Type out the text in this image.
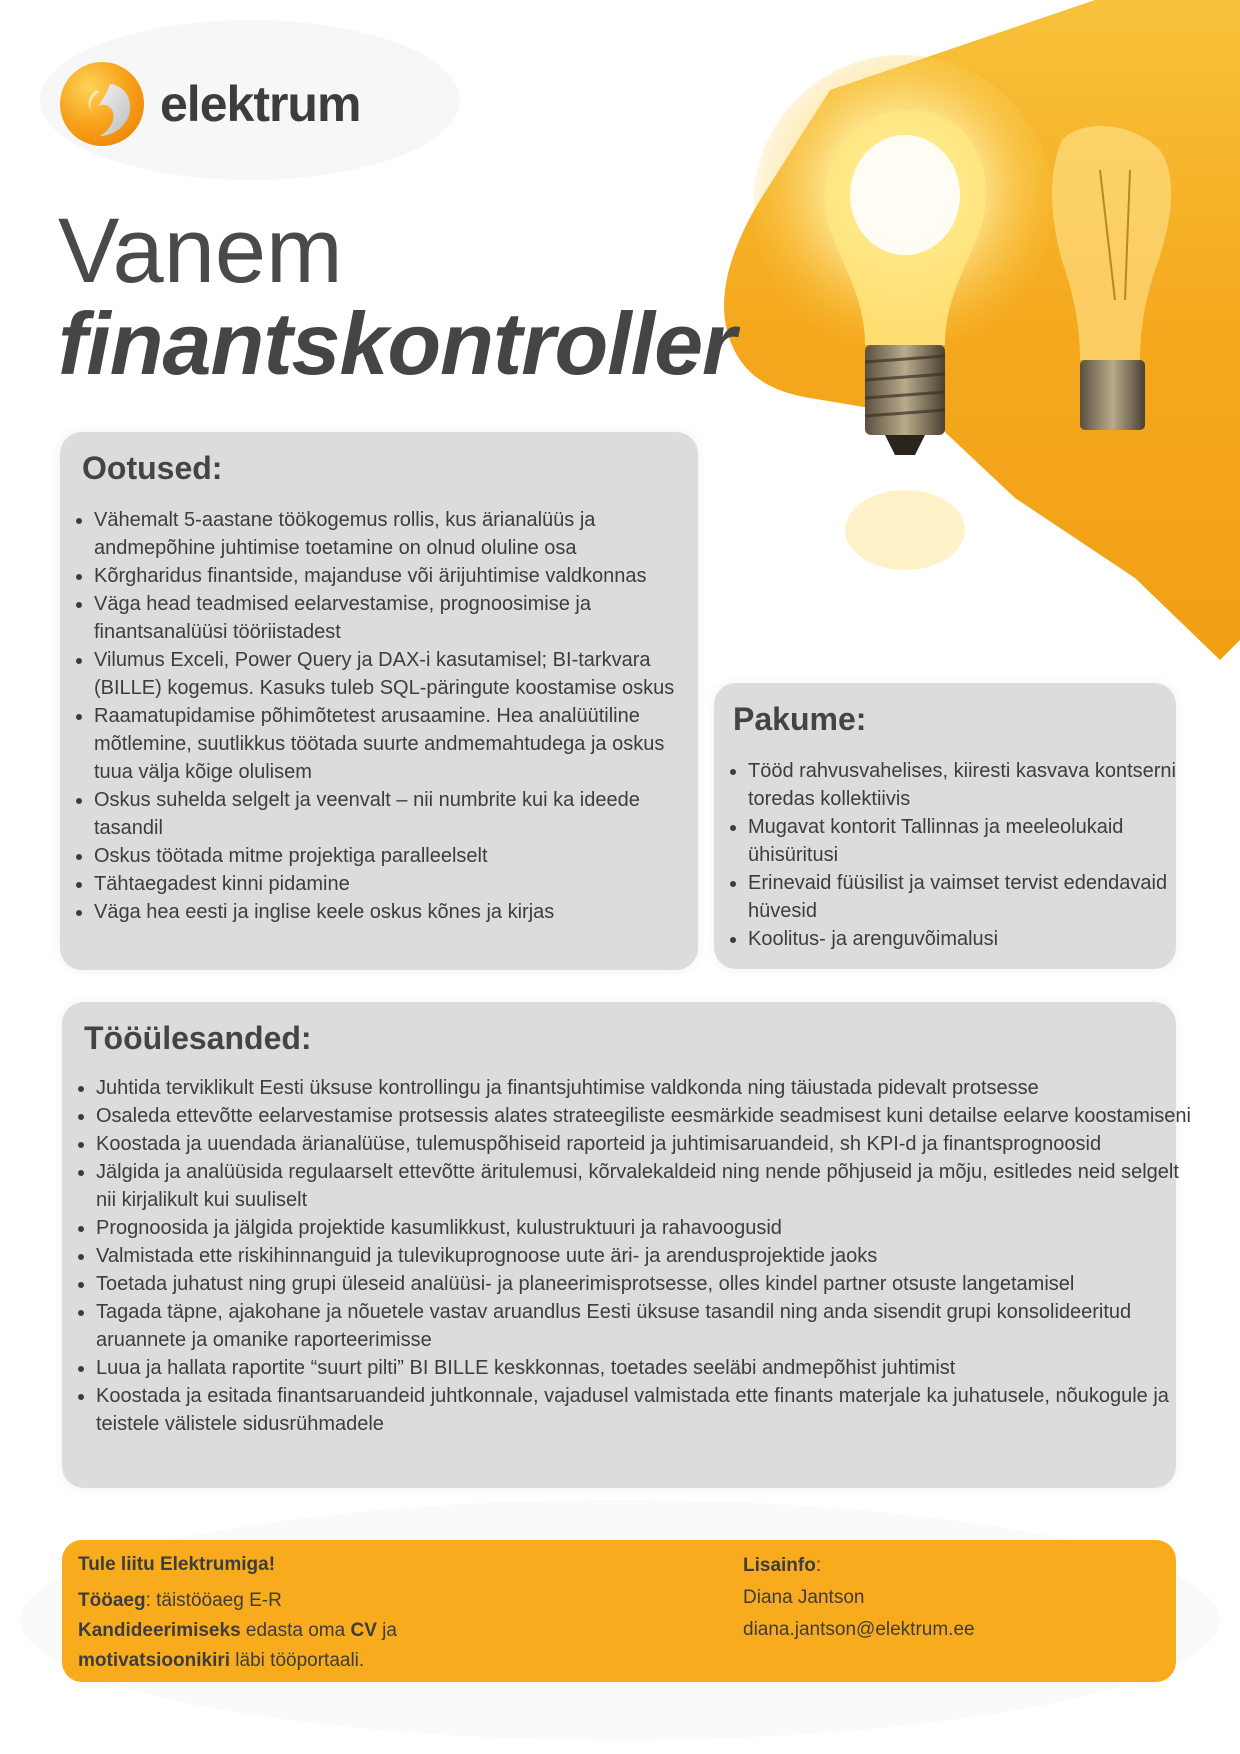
elektrum
Vanem
finantskontroller
Ootused:
• Vähemalt 5-aastane töökogemus rollis, kus ärianalüüs ja andmepõhine juhtimise toetamine on olnud oluline osa
• Kõrgharidus finantside, majanduse või ärijuhtimise valdkonnas
• Väga head teadmised eelarvestamise, prognoosimise ja finantsanalüüsi tööriistadest
• Vilumus Exceli, Power Query ja DAX-i kasutamisel; BI-tarkvara (BILLE) kogemus. Kasuks tuleb SQL-päringute koostamise oskus
• Raamatupidamise põhimõtetest arusaamine. Hea analüütiline mõtlemine, suutlikkus töötada suurte andmemahtudega ja oskus tuua välja kõige olulisem
• Oskus suhelda selgelt ja veenvalt – nii numbrite kui ka ideede tasandil
• Oskus töötada mitme projektiga paralleelselt
• Tähtaegadest kinni pidamine
• Väga hea eesti ja inglise keele oskus kõnes ja kirjas
Pakume:
• Tööd rahvusvahelises, kiiresti kasvava kontserni toredas kollektiivis
• Mugavat kontorit Tallinnas ja meeleolukaid ühisüritusi
• Erinevaid füüsilist ja vaimset tervist edendavaid hüvesid
• Koolitus- ja arenguvõimalusi
Tööülesanded:
• Juhtida terviklikult Eesti üksuse kontrollingu ja finantsjuhtimise valdkonda ning täiustada pidevalt protsesse
• Osaleda ettevõtte eelarvestamise protsessis alates strateegiliste eesmärkide seadmisest kuni detailse eelarve koostamiseni
• Koostada ja uuendada ärianalüüse, tulemuspõhiseid raporteid ja juhtimisaruandeid, sh KPI-d ja finantsprognoosid
• Jälgida ja analüüsida regulaarselt ettevõtte äritulemusi, kõrvalekaldeid ning nende põhjuseid ja mõju, esitledes neid selgelt nii kirjalikult kui suuliselt
• Prognoosida ja jälgida projektide kasumlikkust, kulustruktuuri ja rahavoogusid
• Valmistada ette riskihinnanguid ja tulevikuprognoose uute äri- ja arendusprojektide jaoks
• Toetada juhatust ning grupi üleseid analüüsi- ja planeerimisprotsesse, olles kindel partner otsuste langetamisel
• Tagada täpne, ajakohane ja nõuetele vastav aruandlus Eesti üksuse tasandil ning anda sisendit grupi konsolideeritud aruannete ja omanike raporteerimisse
• Luua ja hallata raportite “suurt pilti” BI BILLE keskkonnas, toetades seeläbi andmepõhist juhtimist
• Koostada ja esitada finantsaruandeid juhtkonnale, vajadusel valmistada ette finants materjale ka juhatusele, nõukogule ja teistele välistele sidusrühmadele
Tule liitu Elektrumiga!
Tööaeg: täistööaeg E-R
Kandideerimiseks edasta oma CV ja
motivatsioonikiri läbi tööportaali.
Lisainfo:
Diana Jantson
diana.jantson@elektrum.ee
